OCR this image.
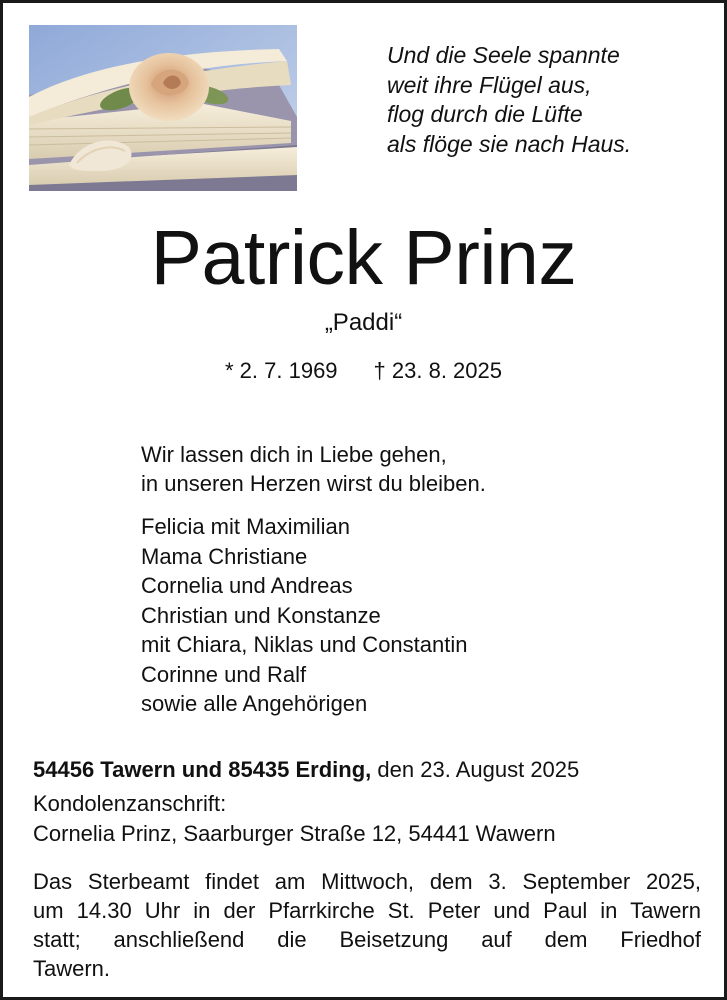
Und die Seele spannte
weit ihre Flügel aus,
flog durch die Lüfte
als flöge sie nach Haus.
Patrick Prinz
„Paddi“
* 2. 7. 1969 † 23. 8. 2025
Wir lassen dich in Liebe gehen,
in unseren Herzen wirst du bleiben.
Felicia mit Maximilian
Mama Christiane
Cornelia und Andreas
Christian und Konstanze
mit Chiara, Niklas und Constantin
Corinne und Ralf
sowie alle Angehörigen
54456 Tawern und 85435 Erding, den 23. August 2025
Kondolenzanschrift:
Cornelia Prinz, Saarburger Straße 12, 54441 Wawern
Das Sterbeamt findet am Mittwoch, dem 3. September 2025,
um 14.30 Uhr in der Pfarrkirche St. Peter und Paul in Tawern
statt; anschließend die Beisetzung auf dem Friedhof
Tawern.
